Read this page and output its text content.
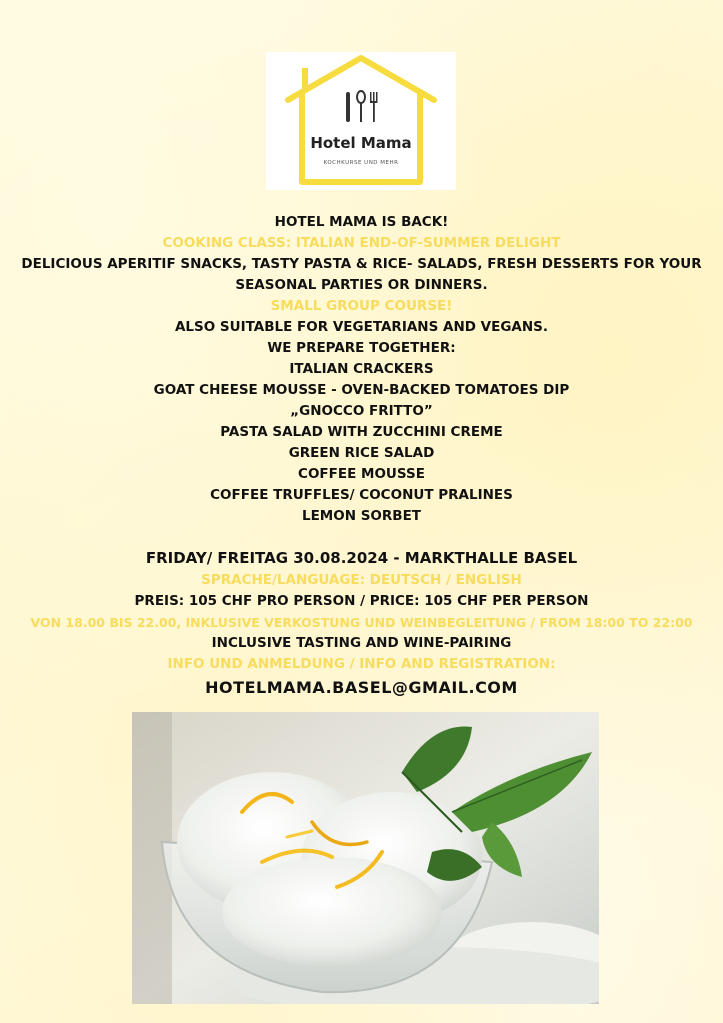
Hotel Mama
KOCHKURSE UND MEHR
HOTEL MAMA IS BACK!
COOKING CLASS: ITALIAN END-OF-SUMMER DELIGHT
DELICIOUS APERITIF SNACKS, TASTY PASTA & RICE- SALADS, FRESH DESSERTS FOR YOUR SEASONAL PARTIES OR DINNERS.
SMALL GROUP COURSE!
ALSO SUITABLE FOR VEGETARIANS AND VEGANS.
WE PREPARE TOGETHER:
ITALIAN CRACKERS
GOAT CHEESE MOUSSE - OVEN-BACKED TOMATOES DIP
„GNOCCO FRITTO”
PASTA SALAD WITH ZUCCHINI CREME
GREEN RICE SALAD
COFFEE MOUSSE
COFFEE TRUFFLES/ COCONUT PRALINES
LEMON SORBET
FRIDAY/ FREITAG 30.08.2024 - MARKTHALLE BASEL
SPRACHE/LANGUAGE: DEUTSCH / ENGLISH
PREIS: 105 CHF PRO PERSON / PRICE: 105 CHF PER PERSON
VON 18.00 BIS 22.00, INKLUSIVE VERKOSTUNG UND WEINBEGLEITUNG / FROM 18:00 TO 22:00
INCLUSIVE TASTING AND WINE-PAIRING
INFO UND ANMELDUNG / INFO AND REGISTRATION:
HOTELMAMA.BASEL@GMAIL.COM
